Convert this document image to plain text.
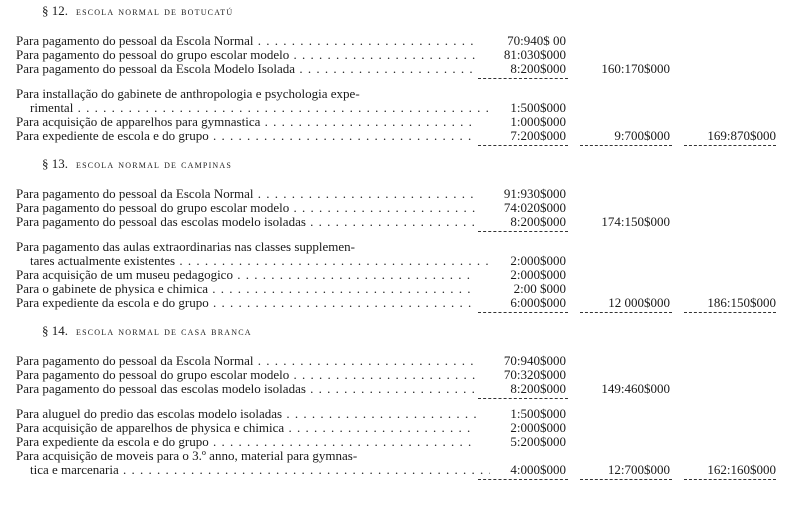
§ 12. escola normal de botucatú
Para pagamento do pessoal da Escola Normal . . .	70:940$ 00
Para pagamento do pessoal do grupo escolar modelo . . .	81:030$000
Para pagamento do pessoal da Escola Modelo Isolada . . .	8:200$000	160:170$000
Para installação do gabinete de anthropologia e psychologia expe-
rimental . . .	1:500$000
Para acquisição de apparelhos para gymnastica . . .	1:000$000
Para expediente de escola e do grupo . . .	7:200$000	9:700$000	169:870$000
§ 13. escola normal de campinas
Para pagamento do pessoal da Escola Normal . . .	91:930$000
Para pagamento do pessoal do grupo escolar modelo . . .	74:020$000
Para pagamento do pessoal das escolas modelo isoladas . . .	8:200$000	174:150$000
Para pagamento das aulas extraordinarias nas classes supplemen-
tares actualmente existentes . . .	2:000$000
Para acquisição de um museu pedagogico . . .	2:000$000
Para o gabinete de physica e chimica . . .	2:00 $000
Para expediente da escola e do grupo . . .	6:000$000	12 000$000	186:150$000
§ 14. escola normal de casa branca
Para pagamento do pessoal da Escola Normal . . .	70:940$000
Para pagamento do pessoal do grupo escolar modelo . . .	70:320$000
Para pagamento do pessoal das escolas modelo isoladas . . .	8:200$000	149:460$000
Para aluguel do predio das escolas modelo isoladas . . .	1:500$000
Para acquisição de apparelhos de physica e chimica . . .	2:000$000
Para expediente da escola e do grupo . . .	5:200$000
Para acquisição de moveis para o 3.º anno, material para gymnas-
tica e marcenaria . . .	4:000$000	12:700$000	162:160$000
